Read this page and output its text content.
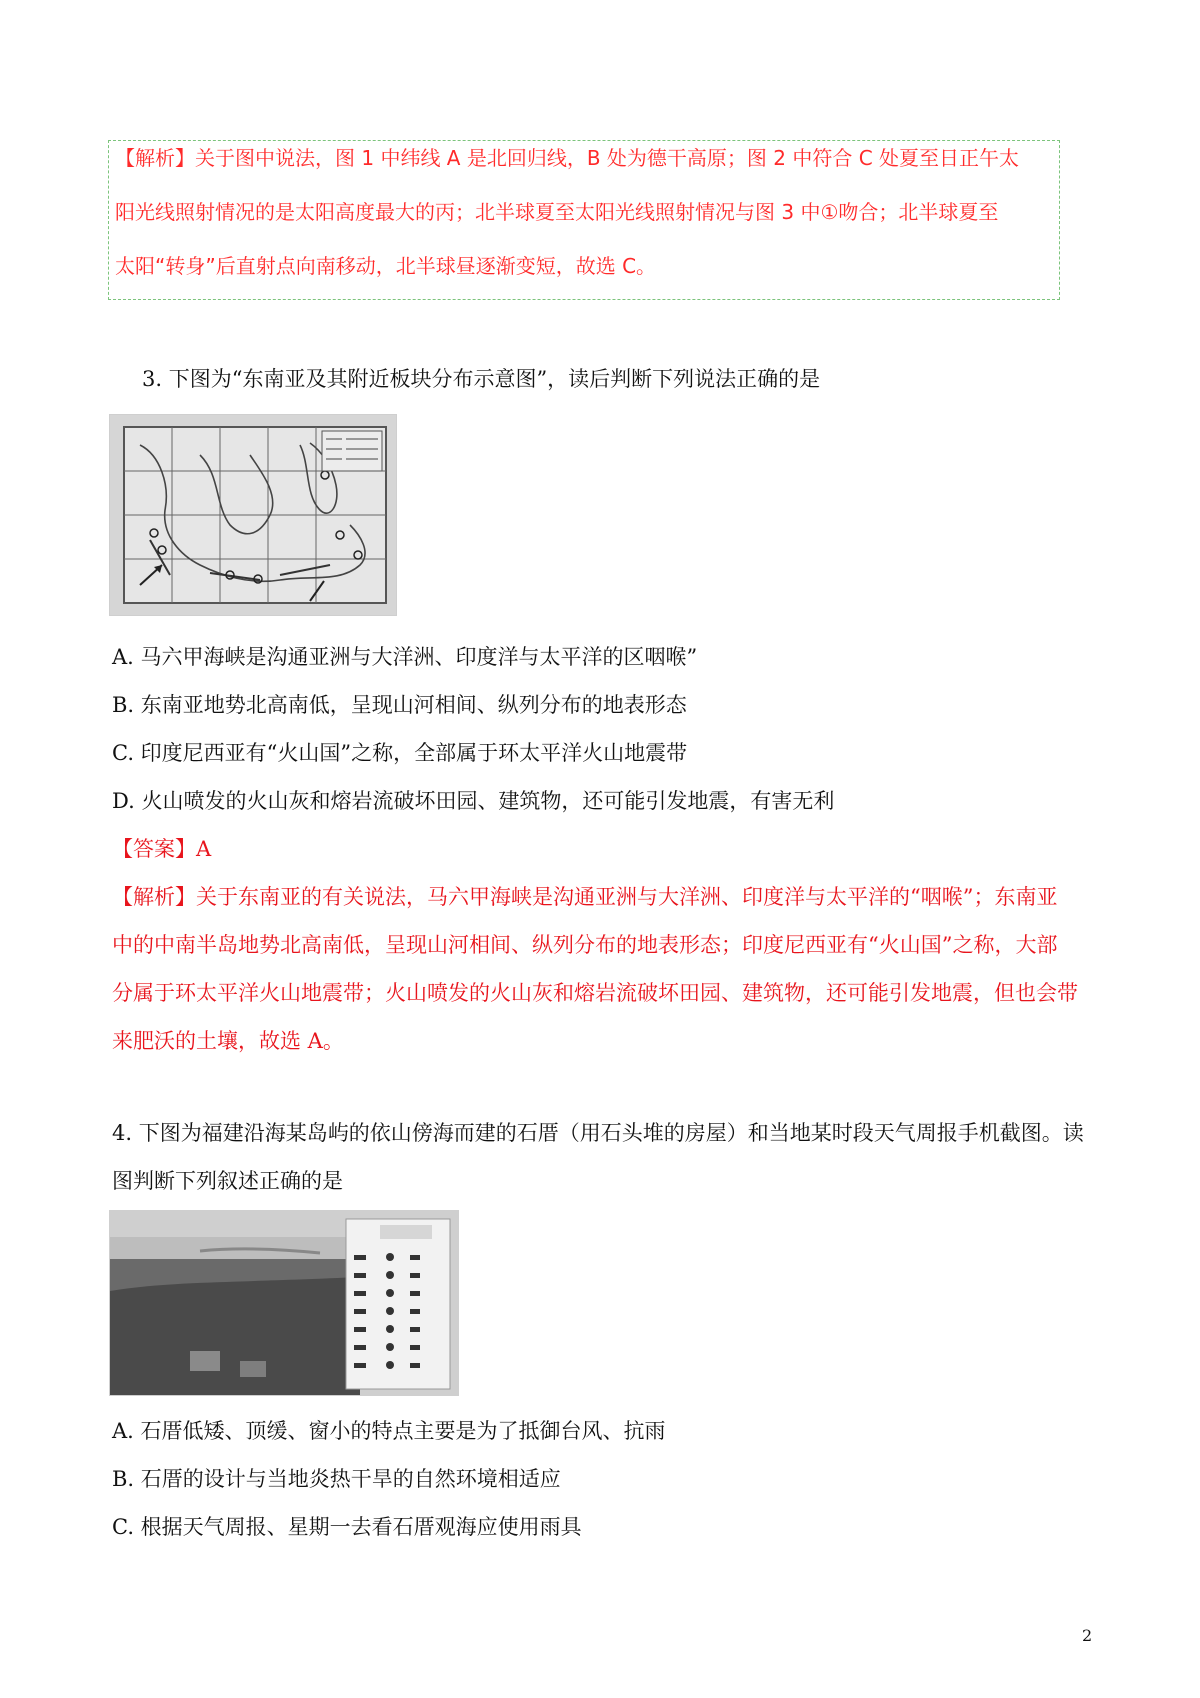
【解析】关于图中说法，图 1 中纬线 A 是北回归线，B 处为德干高原；图 2 中符合 C 处夏至日正午太
阳光线照射情况的是太阳高度最大的丙；北半球夏至太阳光线照射情况与图 3 中①吻合；北半球夏至
太阳“转身”后直射点向南移动，北半球昼逐渐变短，故选 C。
3. 下图为“东南亚及其附近板块分布示意图”，读后判断下列说法正确的是
A. 马六甲海峡是沟通亚洲与大洋洲、印度洋与太平洋的区咽喉”
B. 东南亚地势北高南低，呈现山河相间、纵列分布的地表形态
C. 印度尼西亚有“火山国”之称，全部属于环太平洋火山地震带
D. 火山喷发的火山灰和熔岩流破坏田园、建筑物，还可能引发地震，有害无利
【答案】A
【解析】关于东南亚的有关说法，马六甲海峡是沟通亚洲与大洋洲、印度洋与太平洋的“咽喉”；东南亚
中的中南半岛地势北高南低，呈现山河相间、纵列分布的地表形态；印度尼西亚有“火山国”之称，大部
分属于环太平洋火山地震带；火山喷发的火山灰和熔岩流破坏田园、建筑物，还可能引发地震，但也会带
来肥沃的土壤，故选 A。
4. 下图为福建沿海某岛屿的依山傍海而建的石厝（用石头堆的房屋）和当地某时段天气周报手机截图。读
图判断下列叙述正确的是
A. 石厝低矮、顶缓、窗小的特点主要是为了抵御台风、抗雨
B. 石厝的设计与当地炎热干旱的自然环境相适应
C. 根据天气周报、星期一去看石厝观海应使用雨具
2
